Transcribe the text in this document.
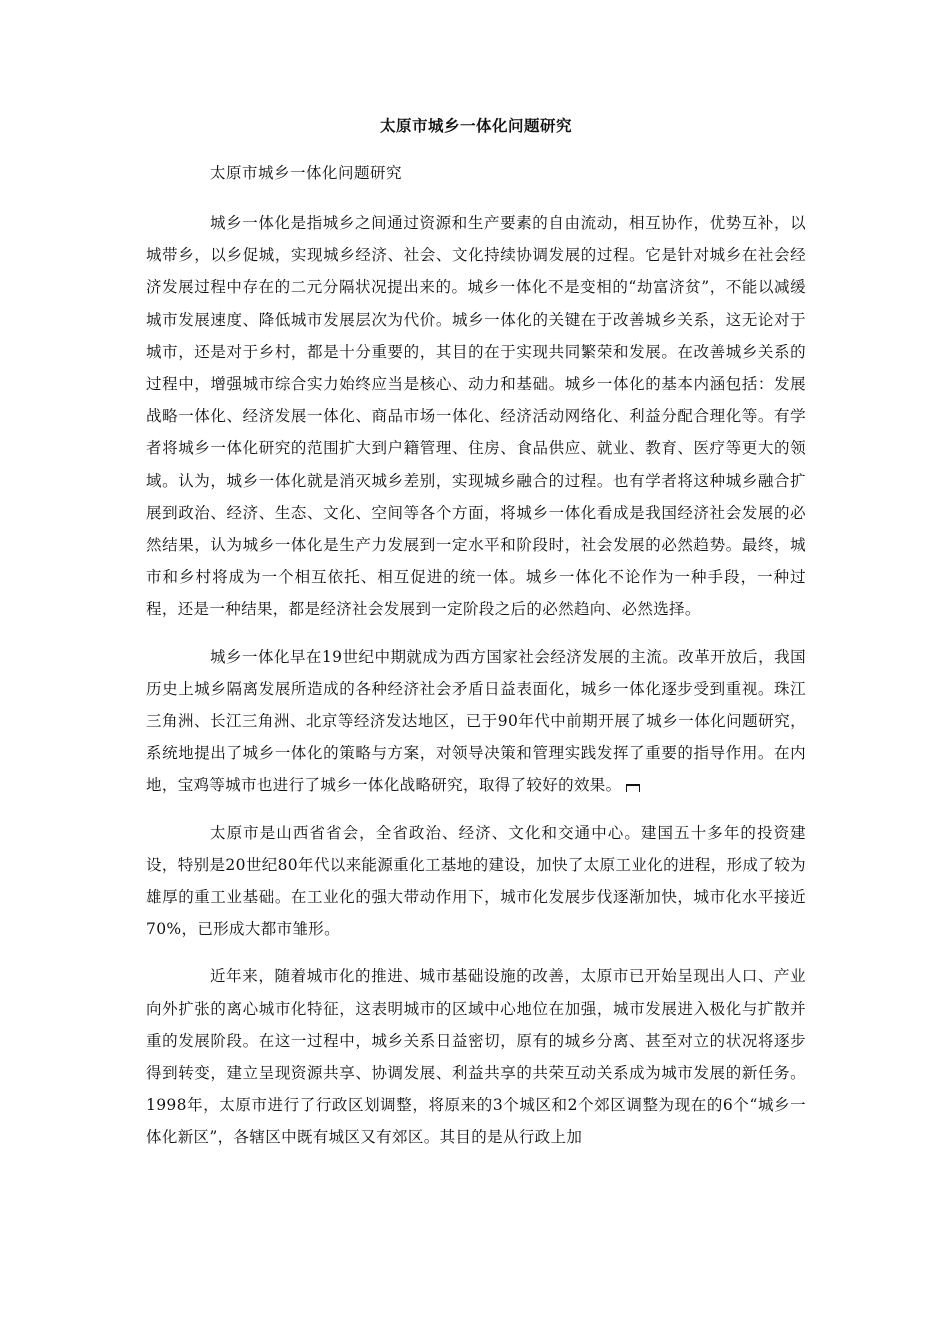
太原市城乡一体化问题研究
太原市城乡一体化问题研究

城乡一体化是指城乡之间通过资源和生产要素的自由流动，相互协作，优势互补，以城带乡，以乡促城，实现城乡经济、社会、文化持续协调发展的过程。它是针对城乡在社会经济发展过程中存在的二元分隔状况提出来的。城乡一体化不是变相的“劫富济贫”，不能以减缓城市发展速度、降低城市发展层次为代价。城乡一体化的关键在于改善城乡关系，这无论对于城市，还是对于乡村，都是十分重要的，其目的在于实现共同繁荣和发展。在改善城乡关系的过程中，增强城市综合实力始终应当是核心、动力和基础。城乡一体化的基本内涵包括：发展战略一体化、经济发展一体化、商品市场一体化、经济活动网络化、利益分配合理化等。有学者将城乡一体化研究的范围扩大到户籍管理、住房、食品供应、就业、教育、医疗等更大的领域。认为，城乡一体化就是消灭城乡差别，实现城乡融合的过程。也有学者将这种城乡融合扩展到政治、经济、生态、文化、空间等各个方面，将城乡一体化看成是我国经济社会发展的必然结果，认为城乡一体化是生产力发展到一定水平和阶段时，社会发展的必然趋势。最终，城市和乡村将成为一个相互依托、相互促进的统一体。城乡一体化不论作为一种手段，一种过程，还是一种结果，都是经济社会发展到一定阶段之后的必然趋向、必然选择。

城乡一体化早在19世纪中期就成为西方国家社会经济发展的主流。改革开放后，我国历史上城乡隔离发展所造成的各种经济社会矛盾日益表面化，城乡一体化逐步受到重视。珠江三角洲、长江三角洲、北京等经济发达地区，已于90年代中前期开展了城乡一体化问题研究，系统地提出了城乡一体化的策略与方案，对领导决策和管理实践发挥了重要的指导作用。在内地，宝鸡等城市也进行了城乡一体化战略研究，取得了较好的效果。

太原市是山西省省会，全省政治、经济、文化和交通中心。建国五十多年的投资建设，特别是20世纪80年代以来能源重化工基地的建设，加快了太原工业化的进程，形成了较为雄厚的重工业基础。在工业化的强大带动作用下，城市化发展步伐逐渐加快，城市化水平接近70%，已形成大都市雏形。

近年来，随着城市化的推进、城市基础设施的改善，太原市已开始呈现出人口、产业向外扩张的离心城市化特征，这表明城市的区域中心地位在加强，城市发展进入极化与扩散并重的发展阶段。在这一过程中，城乡关系日益密切，原有的城乡分离、甚至对立的状况将逐步得到转变，建立呈现资源共享、协调发展、利益共享的共荣互动关系成为城市发展的新任务。1998年，太原市进行了行政区划调整，将原来的3个城区和2个郊区调整为现在的6个“城乡一体化新区”，各辖区中既有城区又有郊区。其目的是从行政上加
